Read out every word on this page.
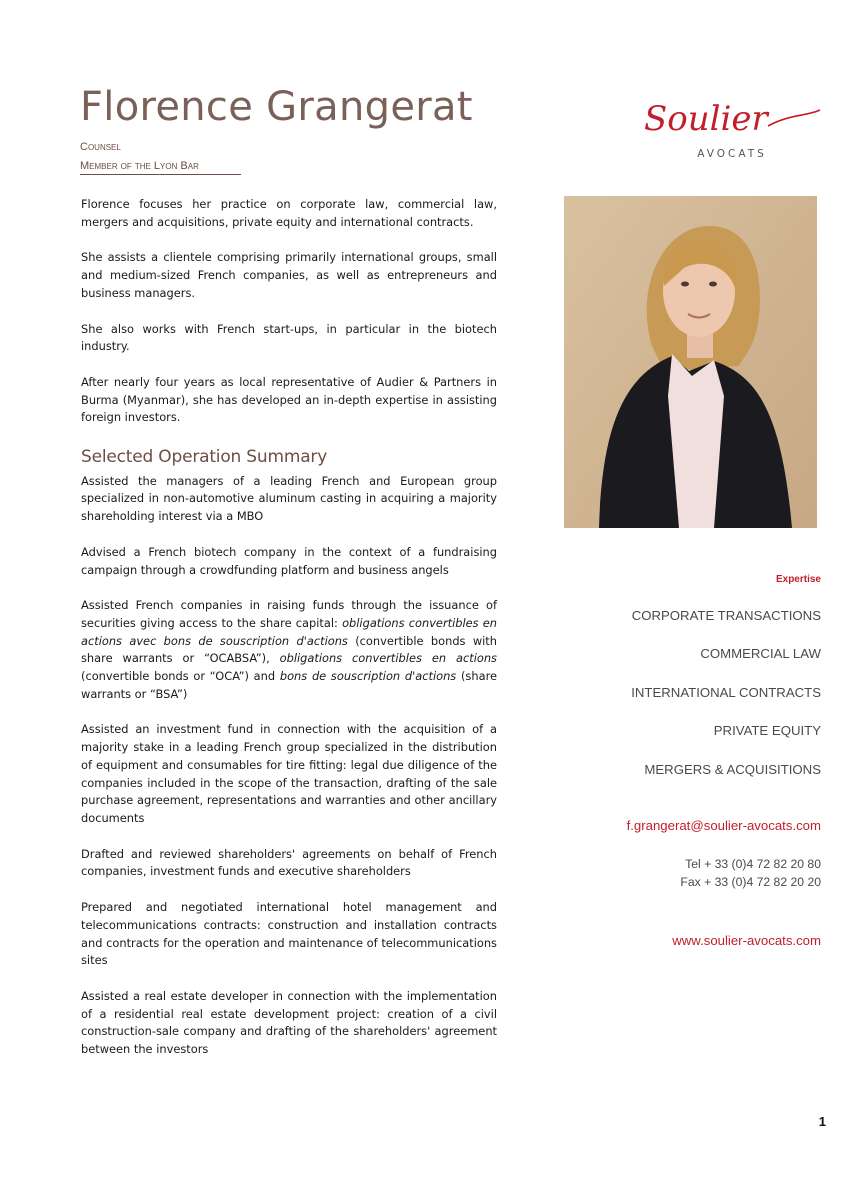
Florence Grangerat
Counsel
Member of the Lyon Bar
Soulier
AVOCATS

Florence focuses her practice on corporate law, commercial law, mergers and acquisitions, private equity and international contracts.

She assists a clientele comprising primarily international groups, small and medium-sized French companies, as well as entrepreneurs and business managers.

She also works with French start-ups, in particular in the biotech industry.

After nearly four years as local representative of Audier & Partners in Burma (Myanmar), she has developed an in-depth expertise in assisting foreign investors.

Selected Operation Summary

Assisted the managers of a leading French and European group specialized in non-automotive aluminum casting in acquiring a majority shareholding interest via a MBO

Advised a French biotech company in the context of a fundraising campaign through a crowdfunding platform and business angels

Assisted French companies in raising funds through the issuance of securities giving access to the share capital: obligations convertibles en actions avec bons de souscription d'actions (convertible bonds with share warrants or “OCABSA”), obligations convertibles en actions (convertible bonds or “OCA”) and bons de souscription d'actions (share warrants or “BSA”)

Assisted an investment fund in connection with the acquisition of a majority stake in a leading French group specialized in the distribution of equipment and consumables for tire fitting: legal due diligence of the companies included in the scope of the transaction, drafting of the sale purchase agreement, representations and warranties and other ancillary documents

Drafted and reviewed shareholders' agreements on behalf of French companies, investment funds and executive shareholders

Prepared and negotiated international hotel management and telecommunications contracts: construction and installation contracts and contracts for the operation and maintenance of telecommunications sites

Assisted a real estate developer in connection with the implementation of a residential real estate development project: creation of a civil construction-sale company and drafting of the shareholders' agreement between the investors

Expertise
CORPORATE TRANSACTIONS
COMMERCIAL LAW
INTERNATIONAL CONTRACTS
PRIVATE EQUITY
MERGERS & ACQUISITIONS
f.grangerat@soulier-avocats.com
Tel + 33 (0)4 72 82 20 80
Fax + 33 (0)4 72 82 20 20
www.soulier-avocats.com
1
